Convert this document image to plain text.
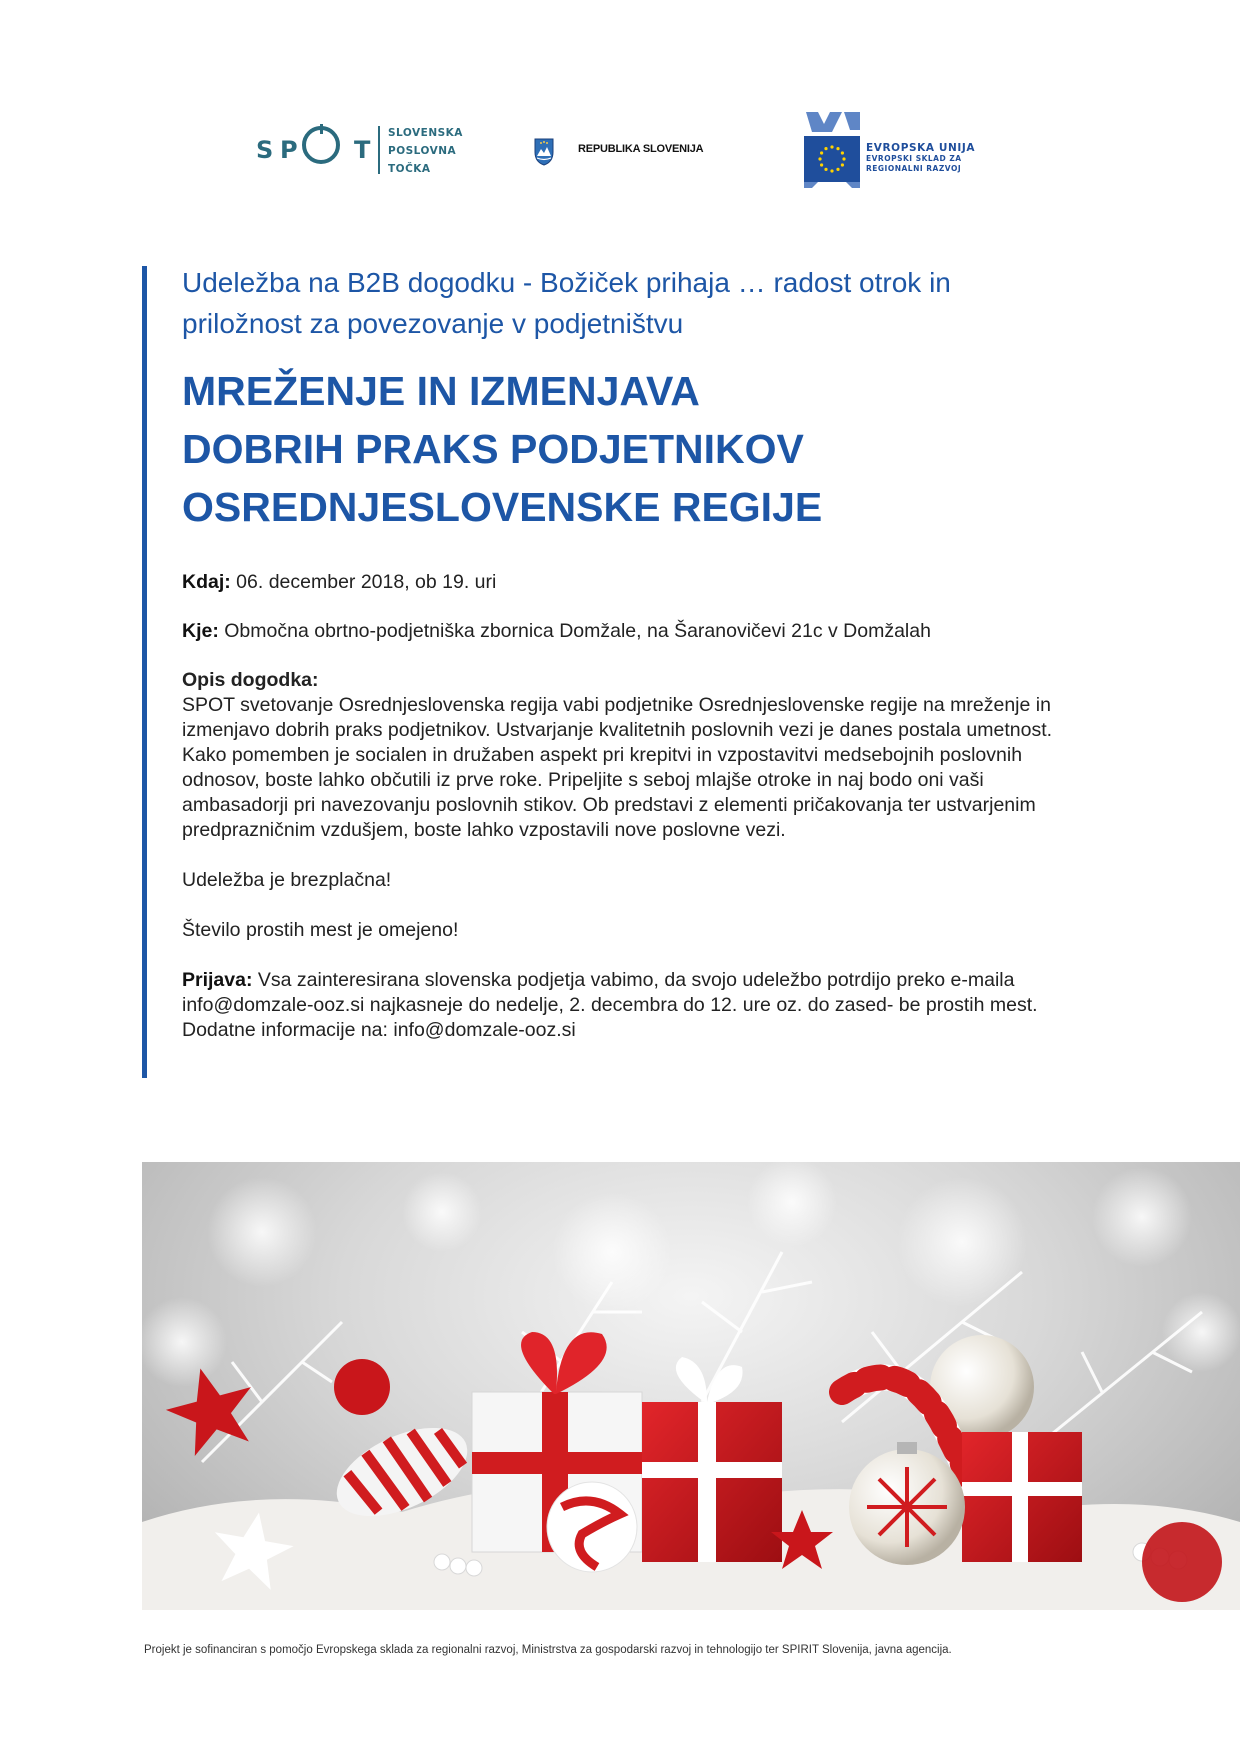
S P T
SLOVENSKA
POSLOVNA
TOČKA
REPUBLIKA SLOVENIJA	EVROPSKA UNIJA
EVROPSKI SKLAD ZA
REGIONALNI RAZVOJ
Udeležba na B2B dogodku - Božiček prihaja … radost otrok in priložnost za povezovanje v podjetništvu
MREŽENJE IN IZMENJAVA
DOBRIH PRAKS PODJETNIKOV
OSREDNJESLOVENSKE REGIJE

Kdaj: 06. december 2018, ob 19. uri

Kje: Območna obrtno-podjetniška zbornica Domžale, na Šaranovičevi 21c v Domžalah

Opis dogodka:

SPOT svetovanje Osrednjeslovenska regija vabi podjetnike Osrednjeslovenske regije na mreženje in izmenjavo dobrih praks podjetnikov. Ustvarjanje kvalitetnih poslovnih vezi je danes postala umetnost. Kako pomemben je socialen in družaben aspekt pri krepitvi in vzpostavitvi medsebojnih poslovnih odnosov, boste lahko občutili iz prve roke. Pripeljite s seboj mlajše otroke in naj bodo oni vaši ambasadorji pri navezovanju poslovnih stikov. Ob predstavi z elementi pričakovanja ter ustvarjenim predprazničnim vzdušjem, boste lahko vzpostavili nove poslovne vezi.

Udeležba je brezplačna!

Število prostih mest je omejeno!

Prijava: Vsa zainteresirana slovenska podjetja vabimo, da svojo udeležbo potrdijo preko e-maila info@domzale-ooz.si najkasneje do nedelje, 2. decembra do 12. ure oz. do zased- be prostih mest.

Dodatne informacije na: info@domzale-ooz.si

Projekt je sofinanciran s pomočjo Evropskega sklada za regionalni razvoj, Ministrstva za gospodarski razvoj in tehnologijo ter SPIRIT Slovenija, javna agencija.
